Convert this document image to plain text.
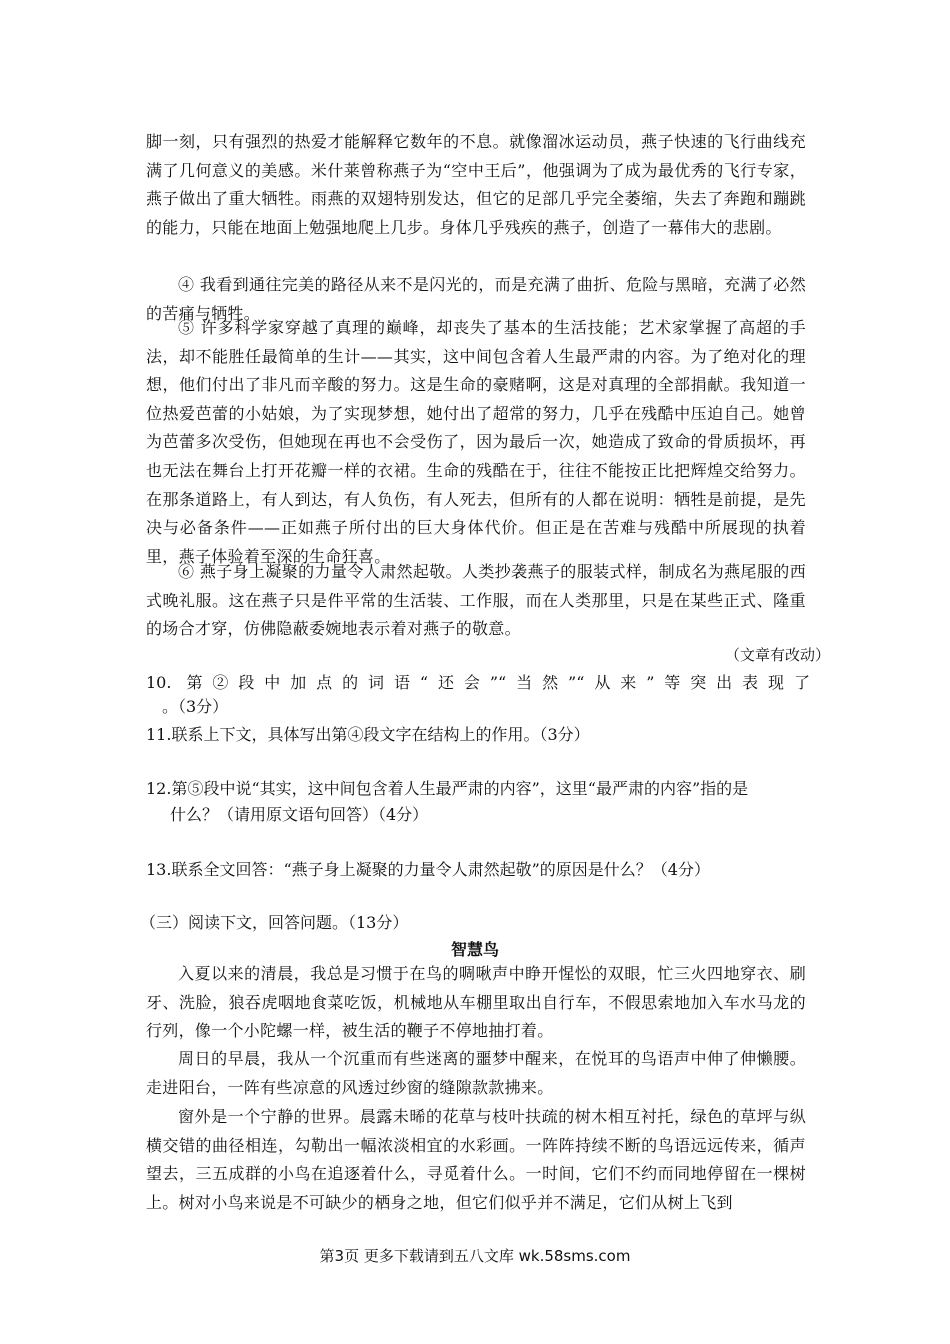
脚一刻，只有强烈的热爱才能解释它数年的不息。就像溜冰运动员，燕子快速的飞行曲线充满了几何意义的美感。米什莱曾称燕子为“空中王后”，他强调为了成为最优秀的飞行专家，燕子做出了重大牺牲。雨燕的双翅特别发达，但它的足部几乎完全萎缩，失去了奔跑和蹦跳的能力，只能在地面上勉强地爬上几步。身体几乎残疾的燕子，创造了一幕伟大的悲剧。

④ 我看到通往完美的路径从来不是闪光的，而是充满了曲折、危险与黑暗，充满了必然的苦痛与牺牲。

⑤ 许多科学家穿越了真理的巅峰，却丧失了基本的生活技能；艺术家掌握了高超的手法，却不能胜任最简单的生计——其实，这中间包含着人生最严肃的内容。为了绝对化的理想，他们付出了非凡而辛酸的努力。这是生命的豪赌啊，这是对真理的全部捐献。我知道一位热爱芭蕾的小姑娘，为了实现梦想，她付出了超常的努力，几乎在残酷中压迫自己。她曾为芭蕾多次受伤，但她现在再也不会受伤了，因为最后一次，她造成了致命的骨质损坏，再也无法在舞台上打开花瓣一样的衣裙。生命的残酷在于，往往不能按正比把辉煌交给努力。在那条道路上，有人到达，有人负伤，有人死去，但所有的人都在说明：牺牲是前提，是先决与必备条件——正如燕子所付出的巨大身体代价。但正是在苦难与残酷中所展现的执着里，燕子体验着至深的生命狂喜。

⑥ 燕子身上凝聚的力量令人肃然起敬。人类抄袭燕子的服装式样，制成名为燕尾服的西式晚礼服。这在燕子只是件平常的生活装、工作服，而在人类那里，只是在某些正式、隆重的场合才穿，仿佛隐蔽委婉地表示着对燕子的敬意。

（文章有改动）

10. 第②段中加点的词语“还会”“当然”“从来”等突出表现了

。（3分）

11.联系上下文，具体写出第④段文字在结构上的作用。（3分）

12.第⑤段中说“其实，这中间包含着人生最严肃的内容”，这里“最严肃的内容”指的是

什么？（请用原文语句回答）（4分）

13.联系全文回答：“燕子身上凝聚的力量令人肃然起敬”的原因是什么？（4分）

（三）阅读下文，回答问题。（13分）

智慧鸟

入夏以来的清晨，我总是习惯于在鸟的啁啾声中睁开惺忪的双眼，忙三火四地穿衣、刷牙、洗脸，狼吞虎咽地食菜吃饭，机械地从车棚里取出自行车，不假思索地加入车水马龙的行列，像一个小陀螺一样，被生活的鞭子不停地抽打着。

周日的早晨，我从一个沉重而有些迷离的噩梦中醒来，在悦耳的鸟语声中伸了伸懒腰。走进阳台，一阵有些凉意的风透过纱窗的缝隙款款拂来。

窗外是一个宁静的世界。晨露未晞的花草与枝叶扶疏的树木相互衬托，绿色的草坪与纵横交错的曲径相连，勾勒出一幅浓淡相宜的水彩画。一阵阵持续不断的鸟语远远传来，循声望去，三五成群的小鸟在追逐着什么，寻觅着什么。一时间，它们不约而同地停留在一棵树上。树对小鸟来说是不可缺少的栖身之地，但它们似乎并不满足，它们从树上飞到

第3页 更多下载请到五八文库 wk.58sms.com
